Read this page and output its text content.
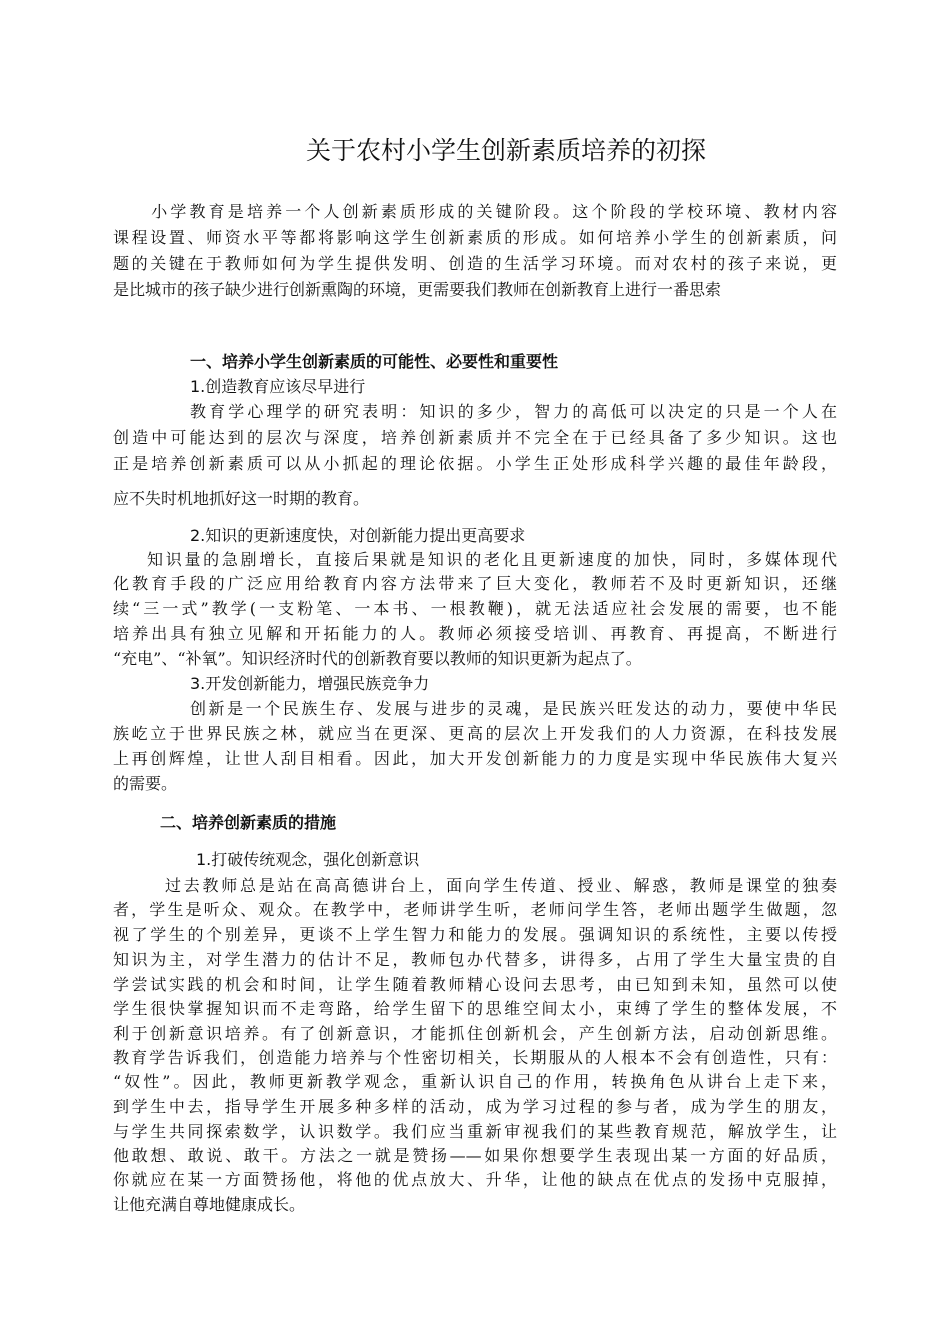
关于农村小学生创新素质培养的初探
　　小学教育是培养一个人创新素质形成的关键阶段。这个阶段的学校环境、教材内容
课程设置、师资水平等都将影响这学生创新素质的形成。如何培养小学生的创新素质，问
题的关键在于教师如何为学生提供发明、创造的生活学习环境。而对农村的孩子来说，更
是比城市的孩子缺少进行创新熏陶的环境，更需要我们教师在创新教育上进行一番思索
一、培养小学生创新素质的可能性、必要性和重要性
1.创造教育应该尽早进行
教育学心理学的研究表明：知识的多少，智力的高低可以决定的只是一个人在
创造中可能达到的层次与深度，培养创新素质并不完全在于已经具备了多少知识。这也
正是培养创新素质可以从小抓起的理论依据。小学生正处形成科学兴趣的最佳年龄段，
应不失时机地抓好这一时期的教育。
2.知识的更新速度快，对创新能力提出更高要求
知识量的急剧增长，直接后果就是知识的老化且更新速度的加快，同时，多媒体现代
化教育手段的广泛应用给教育内容方法带来了巨大变化，教师若不及时更新知识，还继
续“三一式”教学(一支粉笔、一本书、一根教鞭)，就无法适应社会发展的需要，也不能
培养出具有独立见解和开拓能力的人。教师必须接受培训、再教育、再提高，不断进行
“充电”、“补氧”。知识经济时代的创新教育要以教师的知识更新为起点了。
3.开发创新能力，增强民族竞争力
创新是一个民族生存、发展与进步的灵魂，是民族兴旺发达的动力，要使中华民
族屹立于世界民族之林，就应当在更深、更高的层次上开发我们的人力资源，在科技发展
上再创辉煌，让世人刮目相看。因此，加大开发创新能力的力度是实现中华民族伟大复兴
的需要。
二、培养创新素质的措施
1.打破传统观念，强化创新意识
过去教师总是站在高高德讲台上，面向学生传道、授业、解惑，教师是课堂的独奏
者，学生是听众、观众。在教学中，老师讲学生听，老师问学生答，老师出题学生做题，忽
视了学生的个别差异，更谈不上学生智力和能力的发展。强调知识的系统性，主要以传授
知识为主，对学生潜力的估计不足，教师包办代替多，讲得多，占用了学生大量宝贵的自
学尝试实践的机会和时间，让学生随着教师精心设问去思考，由已知到未知，虽然可以使
学生很快掌握知识而不走弯路，给学生留下的思维空间太小，束缚了学生的整体发展，不
利于创新意识培养。有了创新意识，才能抓住创新机会，产生创新方法，启动创新思维。
教育学告诉我们，创造能力培养与个性密切相关，长期服从的人根本不会有创造性，只有：
“奴性”。因此，教师更新教学观念，重新认识自己的作用，转换角色从讲台上走下来，
到学生中去，指导学生开展多种多样的活动，成为学习过程的参与者，成为学生的朋友，
与学生共同探索数学，认识数学。我们应当重新审视我们的某些教育规范，解放学生，让
他敢想、敢说、敢干。方法之一就是赞扬——如果你想要学生表现出某一方面的好品质，
你就应在某一方面赞扬他，将他的优点放大、升华，让他的缺点在优点的发扬中克服掉，
让他充满自尊地健康成长。
